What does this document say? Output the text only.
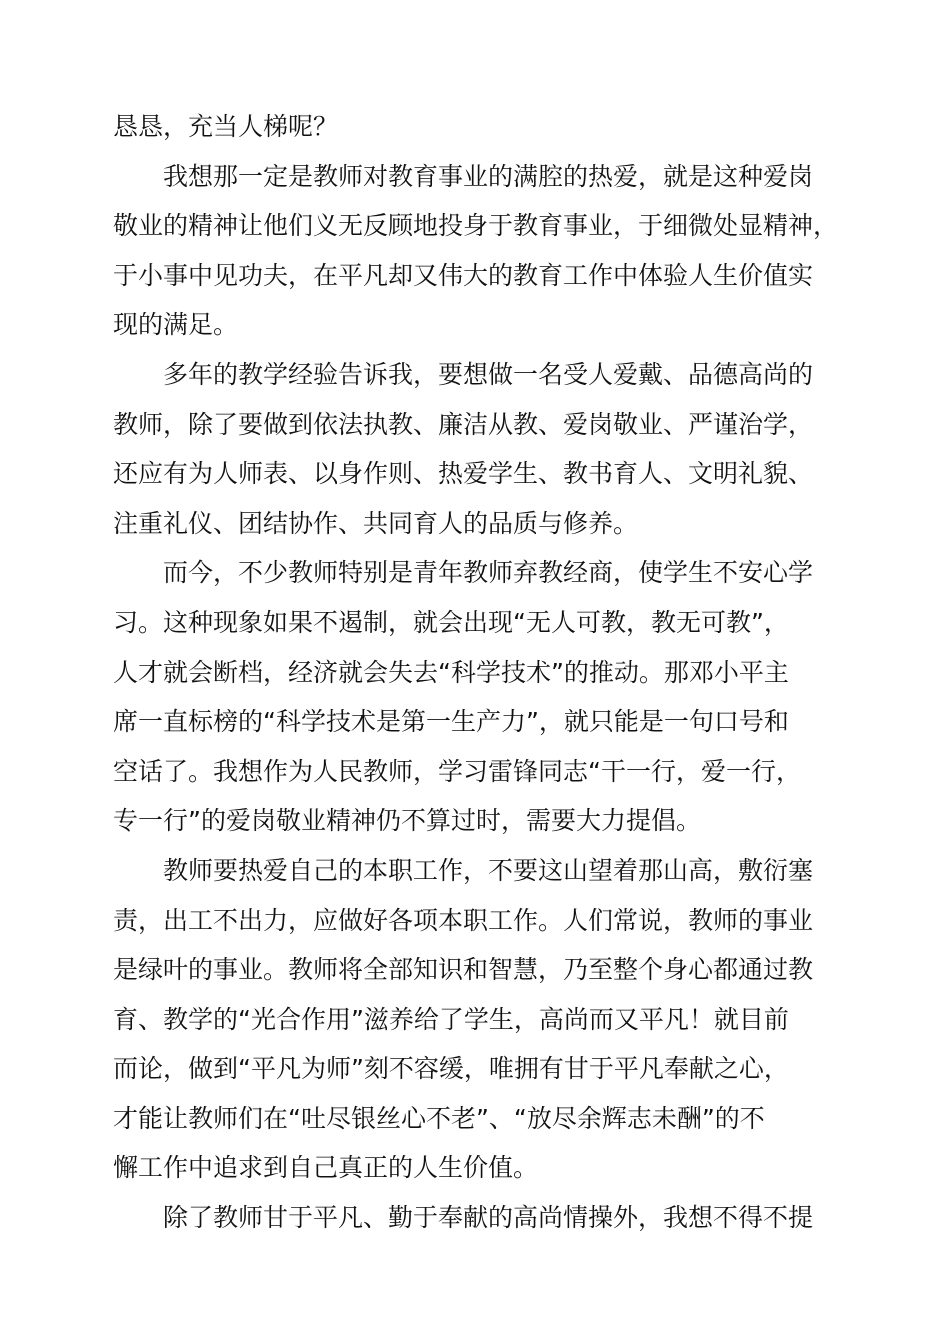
恳恳，充当人梯呢？
我想那一定是教师对教育事业的满腔的热爱，就是这种爱岗
敬业的精神让他们义无反顾地投身于教育事业，于细微处显精神，
于小事中见功夫，在平凡却又伟大的教育工作中体验人生价值实
现的满足。
多年的教学经验告诉我，要想做一名受人爱戴、品德高尚的
教师，除了要做到依法执教、廉洁从教、爱岗敬业、严谨治学，
还应有为人师表、以身作则、热爱学生、教书育人、文明礼貌、
注重礼仪、团结协作、共同育人的品质与修养。
而今，不少教师特别是青年教师弃教经商，使学生不安心学
习。这种现象如果不遏制，就会出现“无人可教，教无可教”，
人才就会断档，经济就会失去“科学技术”的推动。那邓小平主
席一直标榜的“科学技术是第一生产力”，就只能是一句口号和
空话了。我想作为人民教师，学习雷锋同志“干一行，爱一行，
专一行”的爱岗敬业精神仍不算过时，需要大力提倡。
教师要热爱自己的本职工作，不要这山望着那山高，敷衍塞
责，出工不出力，应做好各项本职工作。人们常说，教师的事业
是绿叶的事业。教师将全部知识和智慧，乃至整个身心都通过教
育、教学的“光合作用”滋养给了学生，高尚而又平凡！就目前
而论，做到“平凡为师”刻不容缓，唯拥有甘于平凡奉献之心，
才能让教师们在“吐尽银丝心不老”、“放尽余辉志未酬”的不
懈工作中追求到自己真正的人生价值。
除了教师甘于平凡、勤于奉献的高尚情操外，我想不得不提
